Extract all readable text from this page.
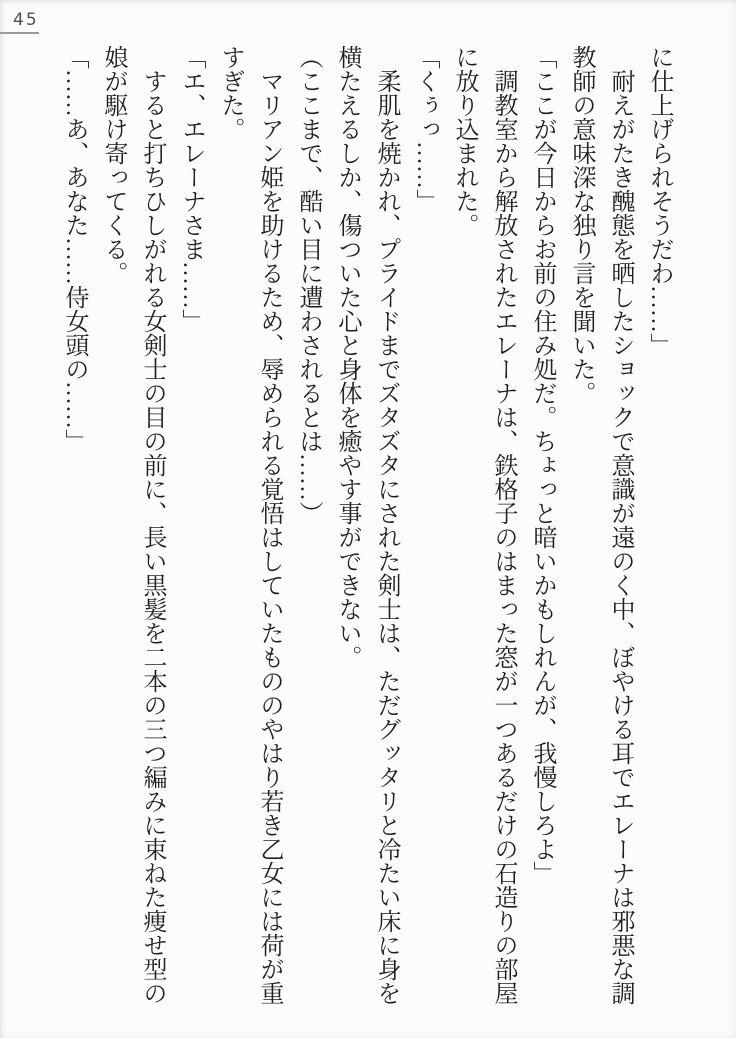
45

に仕上げられそうだわ……」

　耐えがたき醜態を晒したショックで意識が遠のく中、ぼやける耳でエレーナは邪悪な調教師の意味深な独り言を聞いた。

「ここが今日からお前の住み処だ。ちょっと暗いかもしれんが、我慢しろよ」

　調教室から解放されたエレーナは、鉄格子のはまった窓が一つあるだけの石造りの部屋に放り込まれた。

「くぅっ……」

　柔肌を焼かれ、プライドまでズタズタにされた剣士は、ただグッタリと冷たい床に身を横たえるしか、傷ついた心と身体を癒やす事ができない。

（ここまで、酷い目に遭わされるとは……）

　マリアン姫を助けるため、辱められる覚悟はしていたもののやはり若き乙女には荷が重すぎた。

「エ、エレーナさま……」

　すると打ちひしがれる女剣士の目の前に、長い黒髪を二本の三つ編みに束ねた痩せ型の娘が駆け寄ってくる。

「……あ、あなた……侍女頭の……」
